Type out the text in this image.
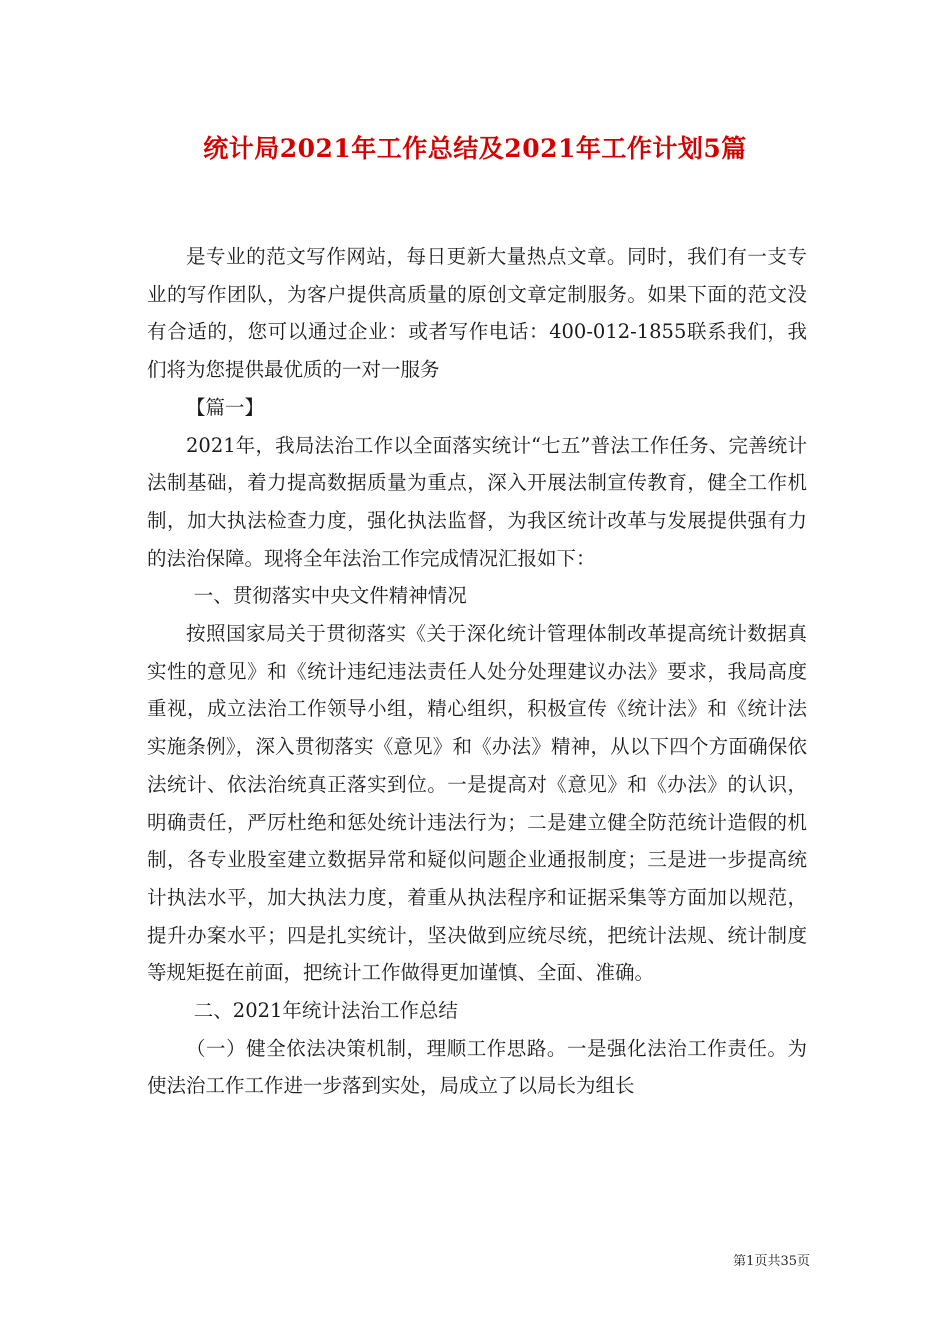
统计局2021年工作总结及2021年工作计划5篇

是专业的范文写作网站，每日更新大量热点文章。同时，我们有一支专业的写作团队，为客户提供高质量的原创文章定制服务。如果下面的范文没有合适的，您可以通过企业：或者写作电话：400-012-1855联系我们，我们将为您提供最优质的一对一服务

【篇一】

2021年，我局法治工作以全面落实统计“七五”普法工作任务、完善统计法制基础，着力提高数据质量为重点，深入开展法制宣传教育，健全工作机制，加大执法检查力度，强化执法监督，为我区统计改革与发展提供强有力的法治保障。现将全年法治工作完成情况汇报如下：

一、贯彻落实中央文件精神情况

按照国家局关于贯彻落实《关于深化统计管理体制改革提高统计数据真实性的意见》和《统计违纪违法责任人处分处理建议办法》要求，我局高度重视，成立法治工作领导小组，精心组织，积极宣传《统计法》和《统计法实施条例》，深入贯彻落实《意见》和《办法》精神，从以下四个方面确保依法统计、依法治统真正落实到位。一是提高对《意见》和《办法》的认识，明确责任，严厉杜绝和惩处统计违法行为；二是建立健全防范统计造假的机制，各专业股室建立数据异常和疑似问题企业通报制度；三是进一步提高统计执法水平，加大执法力度，着重从执法程序和证据采集等方面加以规范，提升办案水平；四是扎实统计，坚决做到应统尽统，把统计法规、统计制度等规矩挺在前面，把统计工作做得更加谨慎、全面、准确。

二、2021年统计法治工作总结

（一）健全依法决策机制，理顺工作思路。一是强化法治工作责任。为使法治工作工作进一步落到实处，局成立了以局长为组长

第1页共35页
